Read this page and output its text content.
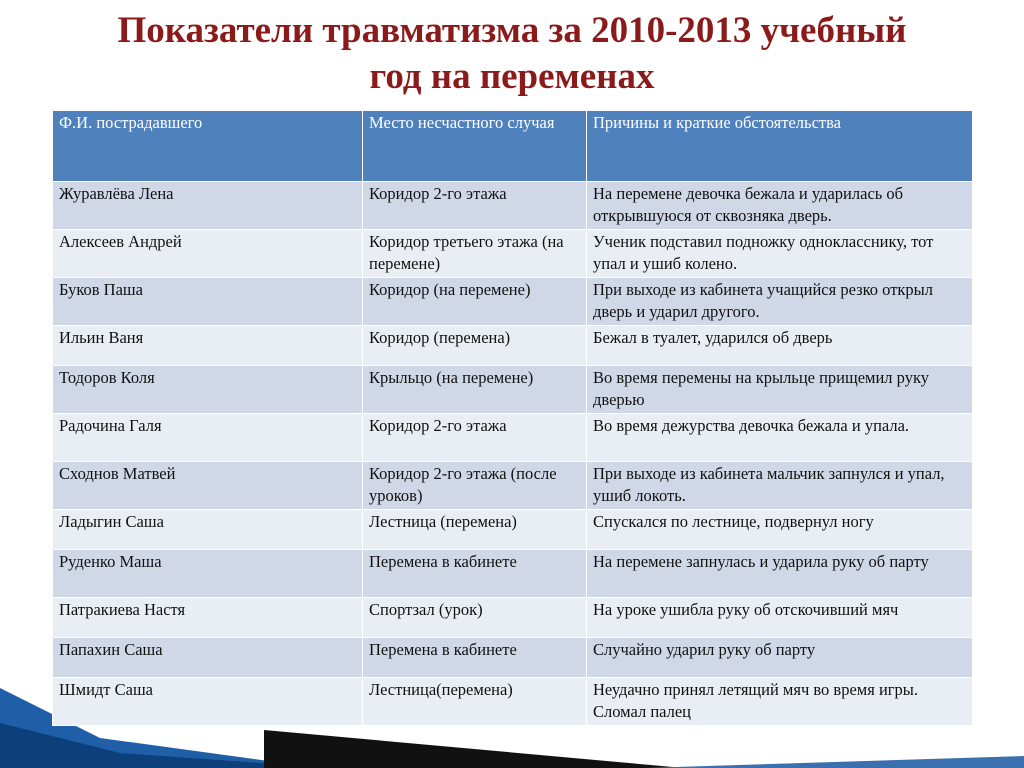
Показатели травматизма за 2010-2013 учебный
год на переменах
Ф.И. пострадавшего	Место несчастного случая	Причины и краткие обстоятельства
Журавлёва Лена	Коридор 2-го этажа	На перемене девочка бежала и ударилась об открывшуюся от сквозняка дверь.
Алексеев Андрей	Коридор третьего этажа (на перемене)	Ученик подставил подножку однокласснику, тот упал и ушиб колено.
Буков Паша	Коридор (на перемене)	При выходе из кабинета учащийся резко открыл дверь и ударил другого.
Ильин Ваня	Коридор (перемена)	Бежал в туалет, ударился об дверь
Тодоров Коля	Крыльцо (на перемене)	Во время перемены на крыльце прищемил руку дверью
Радочина Галя	Коридор 2-го этажа	Во время дежурства девочка бежала и упала.
Сходнов Матвей	Коридор 2-го этажа (после уроков)	При выходе из кабинета мальчик запнулся и упал, ушиб локоть.
Ладыгин Саша	Лестница (перемена)	Спускался по лестнице, подвернул ногу
Руденко Маша	Перемена в кабинете	На перемене запнулась и ударила руку об парту
Патракиева Настя	Спортзал (урок)	На уроке ушибла руку об отскочивший мяч
Папахин Саша	Перемена в кабинете	Случайно ударил руку об парту
Шмидт Саша	Лестница(перемена)	Неудачно принял летящий мяч во время игры. Сломал палец
